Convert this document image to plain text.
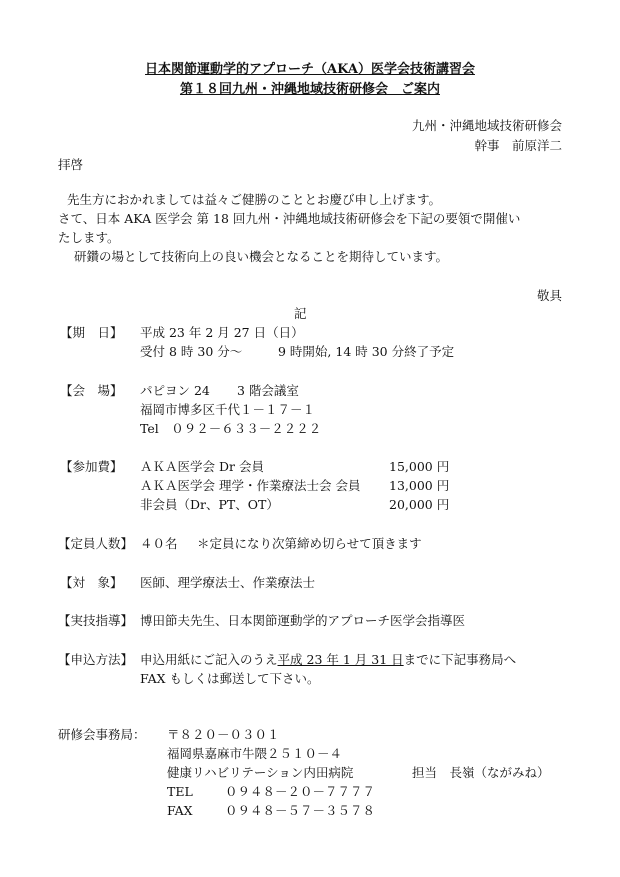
日本関節運動学的アプローチ（AKA）医学会技術講習会
第１８回九州・沖縄地域技術研修会　ご案内
九州・沖縄地域技術研修会
幹事　前原洋二
拝啓
先生方におかれましては益々ご健勝のこととお慶び申し上げます。
さて、日本 AKA 医学会 第 18 回九州・沖縄地域技術研修会を下記の要領で開催い
たします。
研鑽の場として技術向上の良い機会となることを期待しています。
敬具
記
【期　日】 平成 23 年 2 月 27 日（日）
受付 8 時 30 分～	9 時開始, 14 時 30 分終了予定
【会　場】 パピヨン 24 3 階会議室
福岡市博多区千代１－１７－１
Tel　０９２－６３３－２２２２
【参加費】 ＡＫＡ医学会 Dr 会員	15,000 円
ＡＫＡ医学会 理学・作業療法士会 会員 13,000 円
非会員（Dr、PT、OT）	20,000 円
【定員人数】 ４０名 ＊定員になり次第締め切らせて頂きます
【対　象】 医師、理学療法士、作業療法士
【実技指導】 博田節夫先生、日本関節運動学的アプローチ医学会指導医
【申込方法】 申込用紙にご記入のうえ平成 23 年 1 月 31 日までに下記事務局へ
FAX もしくは郵送して下さい。
研修会事務局： 〒８２０－０３０１
福岡県嘉麻市牛隈２５１０－４
健康リハビリテーション内田病院	担当　長嶺（ながみね）
TEL	０９４８－２０－７７７７
FAX	０９４８－５７－３５７８
